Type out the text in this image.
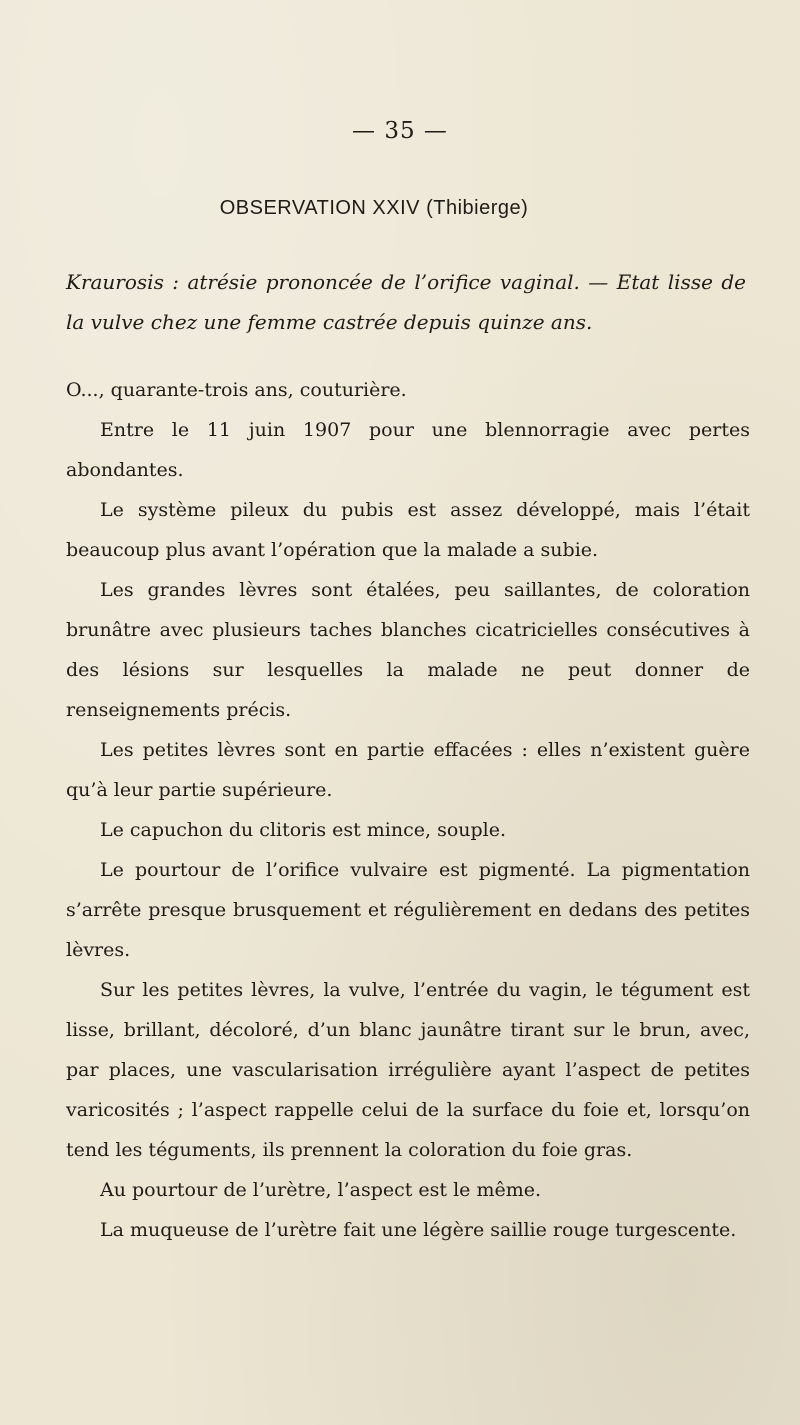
— 35 —
OBSERVATION XXIV (Thibierge)
Kraurosis : atrésie prononcée de l’orifice vaginal. — Etat lisse de la vulve chez une femme castrée depuis quinze ans.

O..., quarante-trois ans, couturière.

Entre le 11 juin 1907 pour une blennorragie avec pertes abondantes.

Le système pileux du pubis est assez développé, mais l’était beaucoup plus avant l’opération que la malade a subie.

Les grandes lèvres sont étalées, peu saillantes, de coloration brunâtre avec plusieurs taches blanches cicatricielles consécutives à des lésions sur lesquelles la malade ne peut donner de renseignements précis.

Les petites lèvres sont en partie effacées : elles n’existent guère qu’à leur partie supérieure.

Le capuchon du clitoris est mince, souple.

Le pourtour de l’orifice vulvaire est pigmenté. La pigmentation s’arrête presque brusquement et régulièrement en dedans des petites lèvres.

Sur les petites lèvres, la vulve, l’entrée du vagin, le tégument est lisse, brillant, décoloré, d’un blanc jaunâtre tirant sur le brun, avec, par places, une vascularisation irrégulière ayant l’aspect de petites varicosités ; l’aspect rappelle celui de la surface du foie et, lorsqu’on tend les téguments, ils prennent la coloration du foie gras.

Au pourtour de l’urètre, l’aspect est le même.

La muqueuse de l’urètre fait une légère saillie rouge turgescente.
